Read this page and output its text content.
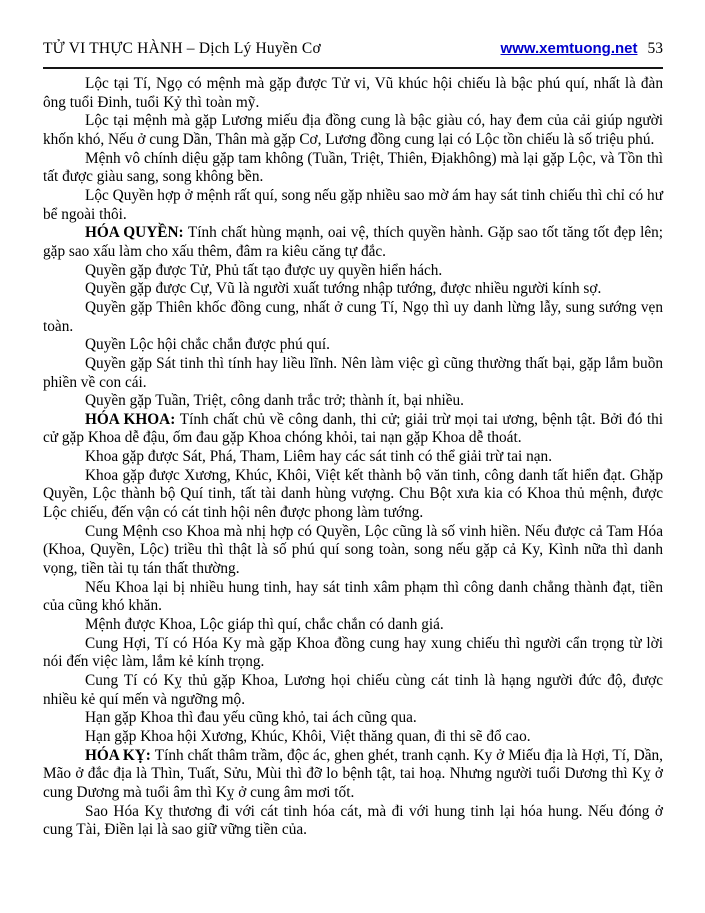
TỬ VI THỰC HÀNH – Dịch Lý Huyền Cơ	www.xemtuong.net 53

Lộc tại Tí, Ngọ có mệnh mà gặp được Tử vi, Vũ khúc hội chiếu là bậc phú quí, nhất là đàn ông tuổi Đinh, tuổi Kỷ thì toàn mỹ.

Lộc tại mệnh mà gặp Lương miếu địa đồng cung là bậc giàu có, hay đem của cải giúp người khốn khó, Nếu ở cung Dần, Thân mà gặp Cơ, Lương đồng cung lại có Lộc tồn chiếu là số triệu phú.

Mệnh vô chính diệu gặp tam không (Tuần, Triệt, Thiên, Địakhông) mà lại gặp Lộc, và Tồn thì tất được giàu sang, song không bền.

Lộc Quyền hợp ở mệnh rất quí, song nếu gặp nhiều sao mờ ám hay sát tinh chiếu thì chỉ có hư bể ngoài thôi.

HÓA QUYỀN: Tính chất hùng mạnh, oai vệ, thích quyền hành. Gặp sao tốt tăng tốt đẹp lên; gặp sao xấu làm cho xấu thêm, đâm ra kiêu căng tự đắc.

Quyền gặp được Tử, Phủ tất tạo được uy quyền hiển hách.

Quyền gặp được Cự, Vũ là người xuất tướng nhập tướng, được nhiều người kính sợ.

Quyền gặp Thiên khốc đồng cung, nhất ở cung Tí, Ngọ thì uy danh lừng lẫy, sung sướng vẹn toàn.

Quyền Lộc hội chắc chắn được phú quí.

Quyền gặp Sát tinh thì tính hay liều lĩnh. Nên làm việc gì cũng thường thất bại, gặp lắm buồn phiền về con cái.

Quyền gặp Tuần, Triệt, công danh trắc trở; thành ít, bại nhiều.

HÓA KHOA: Tính chất chủ về công danh, thi cử; giải trừ mọi tai ương, bệnh tật. Bởi đó thi cử gặp Khoa dễ đậu, ốm đau gặp Khoa chóng khỏi, tai nạn gặp Khoa dễ thoát.

Khoa gặp được Sát, Phá, Tham, Liêm hay các sát tinh có thể giải trừ tai nạn.

Khoa gặp được Xương, Khúc, Khôi, Việt kết thành bộ văn tinh, công danh tất hiển đạt. Ghặp Quyền, Lộc thành bộ Quí tinh, tất tài danh hùng vượng. Chu Bột xưa kia có Khoa thủ mệnh, được Lộc chiếu, đến vận có cát tinh hội nên được phong làm tướng.

Cung Mệnh cso Khoa mà nhị hợp có Quyền, Lộc cũng là số vinh hiền. Nếu được cả Tam Hóa (Khoa, Quyền, Lộc) triều thì thật là số phú quí song toàn, song nếu gặp cả Ky, Kình nữa thì danh vọng, tiền tài tụ tán thất thường.

Nếu Khoa lại bị nhiều hung tinh, hay sát tinh xâm phạm thì công danh chẳng thành đạt, tiền của cũng khó khăn.

Mệnh được Khoa, Lộc giáp thì quí, chắc chắn có danh giá.

Cung Hợi, Tí có Hóa Ky mà gặp Khoa đồng cung hay xung chiếu thì người cẩn trọng từ lời nói đến việc làm, lắm kẻ kính trọng.

Cung Tí có Kỵ thủ gặp Khoa, Lương họi chiếu cùng cát tinh là hạng người đức độ, được nhiều kẻ quí mến và ngưỡng mộ.

Hạn gặp Khoa thì đau yếu cũng khỏ, tai ách cũng qua.

Hạn gặp Khoa hội Xương, Khúc, Khôi, Việt thăng quan, đi thi sẽ đổ cao.

HÓA KỴ: Tính chất thâm trầm, độc ác, ghen ghét, tranh cạnh. Ky ở Miếu địa là Hợi, Tí, Dần, Mão ở đắc địa là Thìn, Tuất, Sửu, Mùi thì đỡ lo bệnh tật, tai hoạ. Nhưng người tuổi Dương thì Kỵ ở cung Dương mà tuổi âm thì Kỵ ở cung âm mơi tốt.

Sao Hóa Kỵ thương đi với cát tinh hóa cát, mà đi với hung tinh lại hóa hung. Nếu đóng ở cung Tài, Điền lại là sao giữ vững tiền của.
